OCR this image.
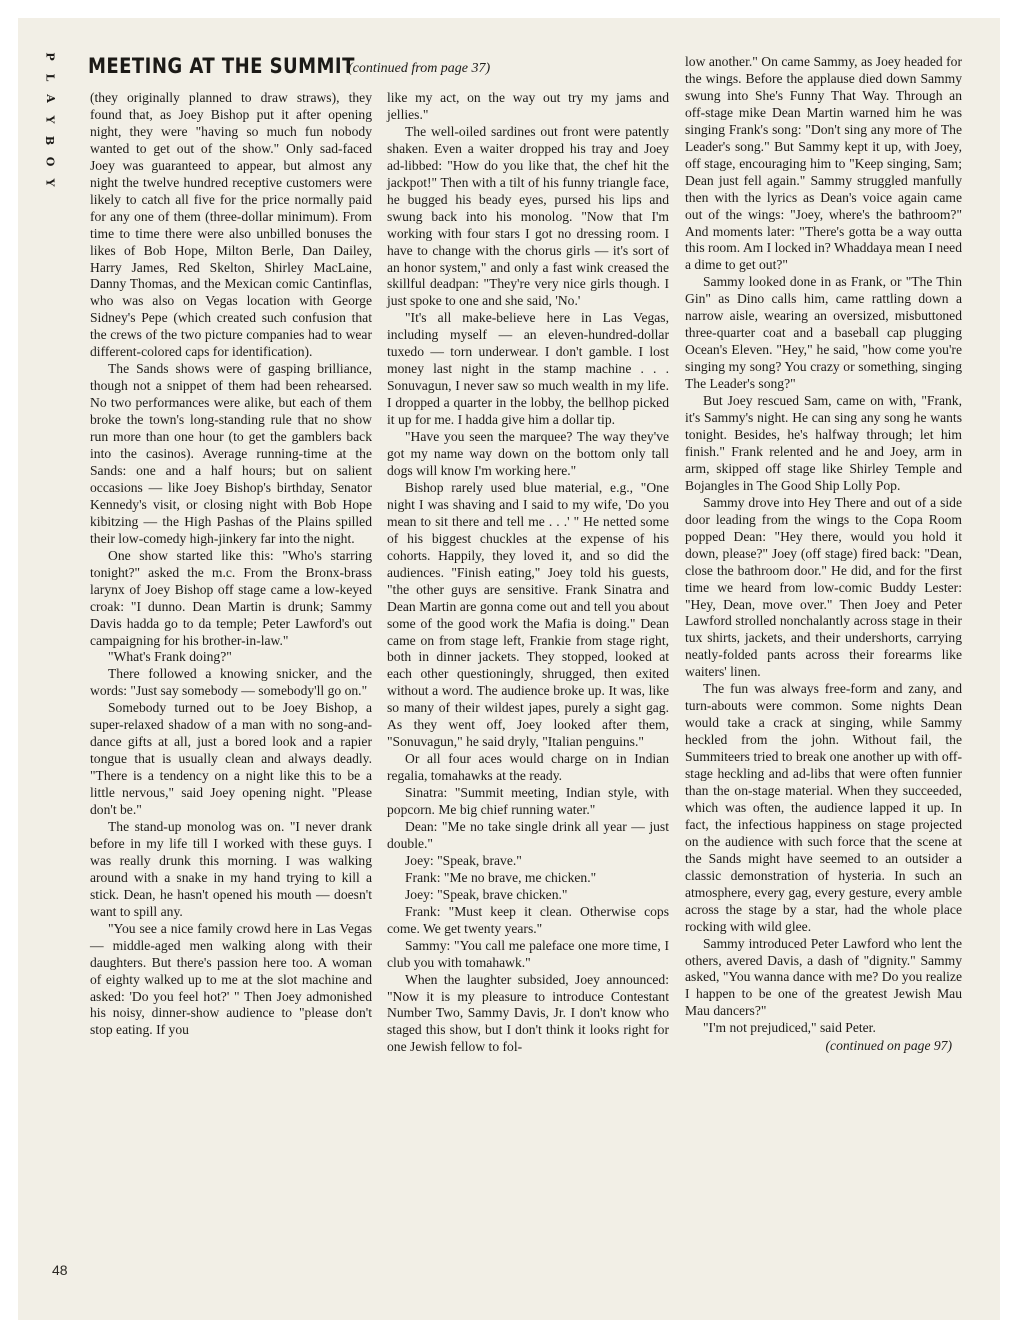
P
L
A
Y
B
O
Y
MEETING AT THE SUMMIT
(continued from page 37)

(they originally planned to draw straws), they found that, as Joey Bishop put it after opening night, they were "having so much fun nobody wanted to get out of the show." Only sad-faced Joey was guaranteed to appear, but almost any night the twelve hundred receptive customers were likely to catch all five for the price normally paid for any one of them (three-dollar minimum). From time to time there were also unbilled bonuses the likes of Bob Hope, Milton Berle, Dan Dailey, Harry James, Red Skelton, Shirley MacLaine, Danny Thomas, and the Mexican comic Cantinflas, who was also on Vegas location with George Sidney's Pepe (which created such confusion that the crews of the two picture companies had to wear different-colored caps for identification).

The Sands shows were of gasping brilliance, though not a snippet of them had been rehearsed. No two performances were alike, but each of them broke the town's long-standing rule that no show run more than one hour (to get the gamblers back into the casinos). Average running-time at the Sands: one and a half hours; but on salient occasions — like Joey Bishop's birthday, Senator Kennedy's visit, or closing night with Bob Hope kibitzing — the High Pashas of the Plains spilled their low-comedy high-jinkery far into the night.

One show started like this: "Who's starring tonight?" asked the m.c. From the Bronx-brass larynx of Joey Bishop off stage came a low-keyed croak: "I dunno. Dean Martin is drunk; Sammy Davis hadda go to da temple; Peter Lawford's out campaigning for his brother-in-law."

"What's Frank doing?"

There followed a knowing snicker, and the words: "Just say somebody — somebody'll go on."

Somebody turned out to be Joey Bishop, a super-relaxed shadow of a man with no song-and-dance gifts at all, just a bored look and a rapier tongue that is usually clean and always deadly. "There is a tendency on a night like this to be a little nervous," said Joey opening night. "Please don't be."

The stand-up monolog was on. "I never drank before in my life till I worked with these guys. I was really drunk this morning. I was walking around with a snake in my hand trying to kill a stick. Dean, he hasn't opened his mouth — doesn't want to spill any.

"You see a nice family crowd here in Las Vegas — middle-aged men walking along with their daughters. But there's passion here too. A woman of eighty walked up to me at the slot machine and asked: 'Do you feel hot?' " Then Joey admonished his noisy, dinner-show audience to "please don't stop eating. If you

like my act, on the way out try my jams and jellies."

The well-oiled sardines out front were patently shaken. Even a waiter dropped his tray and Joey ad-libbed: "How do you like that, the chef hit the jackpot!" Then with a tilt of his funny triangle face, he bugged his beady eyes, pursed his lips and swung back into his monolog. "Now that I'm working with four stars I got no dressing room. I have to change with the chorus girls — it's sort of an honor system," and only a fast wink creased the skillful deadpan: "They're very nice girls though. I just spoke to one and she said, 'No.'

"It's all make-believe here in Las Vegas, including myself — an eleven-hundred-dollar tuxedo — torn underwear. I don't gamble. I lost money last night in the stamp machine . . . Sonuvagun, I never saw so much wealth in my life. I dropped a quarter in the lobby, the bellhop picked it up for me. I hadda give him a dollar tip.

"Have you seen the marquee? The way they've got my name way down on the bottom only tall dogs will know I'm working here."

Bishop rarely used blue material, e.g., "One night I was shaving and I said to my wife, 'Do you mean to sit there and tell me . . .' " He netted some of his biggest chuckles at the expense of his cohorts. Happily, they loved it, and so did the audiences. "Finish eating," Joey told his guests, "the other guys are sensitive. Frank Sinatra and Dean Martin are gonna come out and tell you about some of the good work the Mafia is doing." Dean came on from stage left, Frankie from stage right, both in dinner jackets. They stopped, looked at each other questioningly, shrugged, then exited without a word. The audience broke up. It was, like so many of their wildest japes, purely a sight gag. As they went off, Joey looked after them, "Sonuvagun," he said dryly, "Italian penguins."

Or all four aces would charge on in Indian regalia, tomahawks at the ready.

Sinatra: "Summit meeting, Indian style, with popcorn. Me big chief running water."

Dean: "Me no take single drink all year — just double."

Joey: "Speak, brave."

Frank: "Me no brave, me chicken."

Joey: "Speak, brave chicken."

Frank: "Must keep it clean. Otherwise cops come. We get twenty years."

Sammy: "You call me paleface one more time, I club you with tomahawk."

When the laughter subsided, Joey announced: "Now it is my pleasure to introduce Contestant Number Two, Sammy Davis, Jr. I don't know who staged this show, but I don't think it looks right for one Jewish fellow to fol-

low another." On came Sammy, as Joey headed for the wings. Before the applause died down Sammy swung into She's Funny That Way. Through an off-stage mike Dean Martin warned him he was singing Frank's song: "Don't sing any more of The Leader's song." But Sammy kept it up, with Joey, off stage, encouraging him to "Keep singing, Sam; Dean just fell again." Sammy struggled manfully then with the lyrics as Dean's voice again came out of the wings: "Joey, where's the bathroom?" And moments later: "There's gotta be a way outta this room. Am I locked in? Whaddaya mean I need a dime to get out?"

Sammy looked done in as Frank, or "The Thin Gin" as Dino calls him, came rattling down a narrow aisle, wearing an oversized, misbuttoned three-quarter coat and a baseball cap plugging Ocean's Eleven. "Hey," he said, "how come you're singing my song? You crazy or something, singing The Leader's song?"

But Joey rescued Sam, came on with, "Frank, it's Sammy's night. He can sing any song he wants tonight. Besides, he's halfway through; let him finish." Frank relented and he and Joey, arm in arm, skipped off stage like Shirley Temple and Bojangles in The Good Ship Lolly Pop.

Sammy drove into Hey There and out of a side door leading from the wings to the Copa Room popped Dean: "Hey there, would you hold it down, please?" Joey (off stage) fired back: "Dean, close the bathroom door." He did, and for the first time we heard from low-comic Buddy Lester: "Hey, Dean, move over." Then Joey and Peter Lawford strolled nonchalantly across stage in their tux shirts, jackets, and their undershorts, carrying neatly-folded pants across their forearms like waiters' linen.

The fun was always free-form and zany, and turn-abouts were common. Some nights Dean would take a crack at singing, while Sammy heckled from the john. Without fail, the Summiteers tried to break one another up with off-stage heckling and ad-libs that were often funnier than the on-stage material. When they succeeded, which was often, the audience lapped it up. In fact, the infectious happiness on stage projected on the audience with such force that the scene at the Sands might have seemed to an outsider a classic demonstration of hysteria. In such an atmosphere, every gag, every gesture, every amble across the stage by a star, had the whole place rocking with wild glee.

Sammy introduced Peter Lawford who lent the others, avered Davis, a dash of "dignity." Sammy asked, "You wanna dance with me? Do you realize I happen to be one of the greatest Jewish Mau Mau dancers?"

"I'm not prejudiced," said Peter.

(continued on page 97)
48
